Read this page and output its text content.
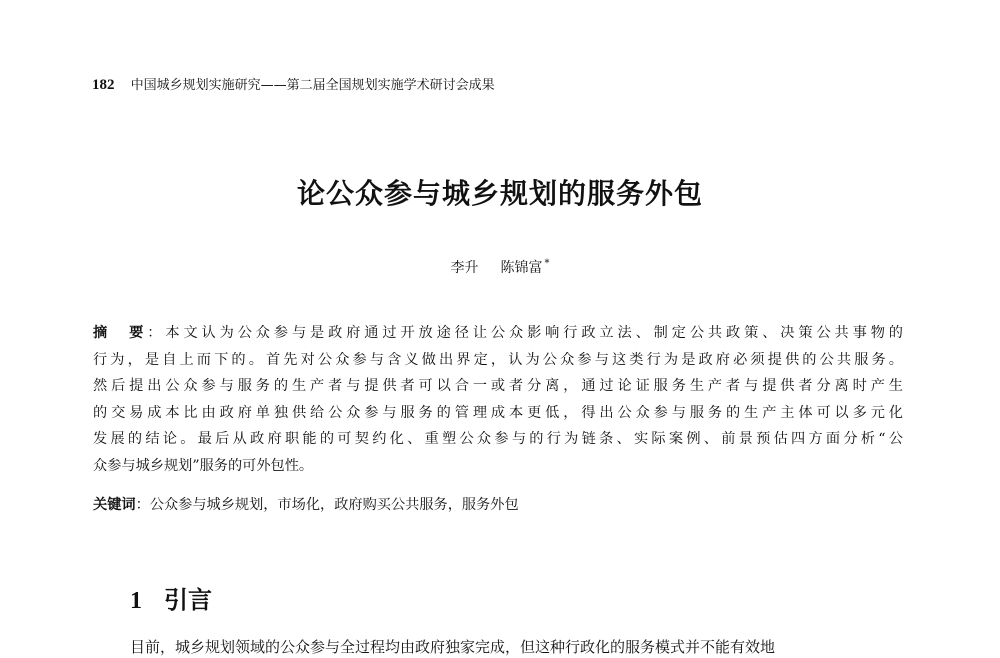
182 中国城乡规划实施研究——第二届全国规划实施学术研讨会成果
论公众参与城乡规划的服务外包
李升 陈锦富 *
摘　要：本文认为公众参与是政府通过开放途径让公众影响行政立法、制定公共政策、决策公共事物的
行为，是自上而下的。首先对公众参与含义做出界定，认为公众参与这类行为是政府必须提供的公共服务。
然后提出公众参与服务的生产者与提供者可以合一或者分离，通过论证服务生产者与提供者分离时产生
的交易成本比由政府单独供给公众参与服务的管理成本更低，得出公众参与服务的生产主体可以多元化
发展的结论。最后从政府职能的可契约化、重塑公众参与的行为链条、实际案例、前景预估四方面分析“公
众参与城乡规划”服务的可外包性。
关键词：公众参与城乡规划，市场化，政府购买公共服务，服务外包
1 引言
目前，城乡规划领域的公众参与全过程均由政府独家完成，但这种行政化的服务模式并不能有效地
